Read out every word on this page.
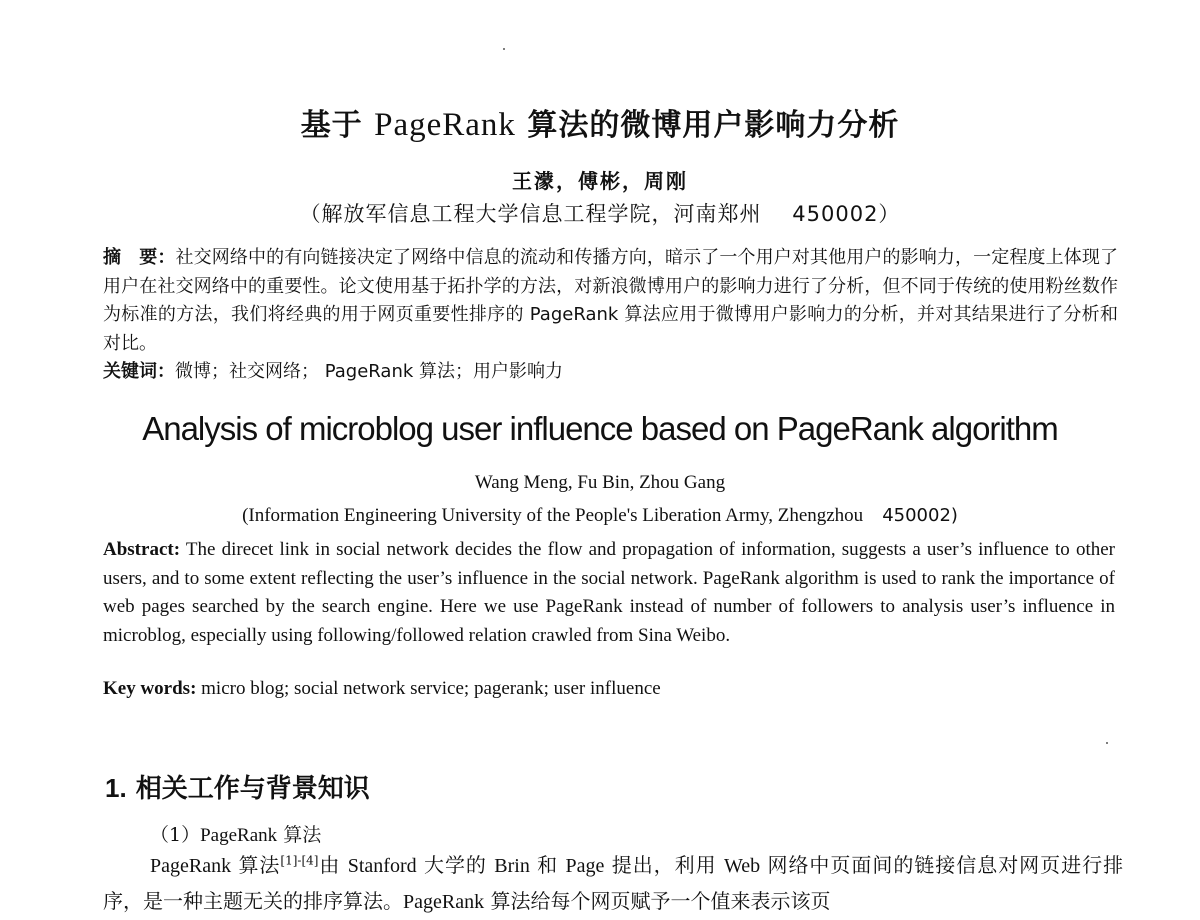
基于 PageRank 算法的微博用户影响力分析
王濛，傅彬，周刚
（解放军信息工程大学信息工程学院，河南郑州 450002）
摘　要：社交网络中的有向链接决定了网络中信息的流动和传播方向，暗示了一个用户对其他用户的影响力，一定程度上体现了用户在社交网络中的重要性。论文使用基于拓扑学的方法，对新浪微博用户的影响力进行了分析，但不同于传统的使用粉丝数作为标准的方法，我们将经典的用于网页重要性排序的 PageRank 算法应用于微博用户影响力的分析，并对其结果进行了分析和对比。
关键词：微博；社交网络； PageRank 算法；用户影响力
Analysis of microblog user influence based on PageRank algorithm
Wang Meng, Fu Bin, Zhou Gang
(Information Engineering University of the People's Liberation Army, Zhengzhou 450002)
Abstract: The direcet link in social network decides the flow and propagation of information, suggests a user’s influence to other users, and to some extent reflecting the user’s influence in the social network. PageRank algorithm is used to rank the importance of web pages searched by the search engine. Here we use PageRank instead of number of followers to analysis user’s influence in microblog, especially using following/followed relation crawled from Sina Weibo.
Key words: micro blog; social network service; pagerank; user influence
1. 相关工作与背景知识
（1）PageRank 算法
PageRank 算法[1]-[4]由 Stanford 大学的 Brin 和 Page 提出，利用 Web 网络中页面间的链接信息对网页进行排序，是一种主题无关的排序算法。PageRank 算法给每个网页赋予一个值来表示该页
